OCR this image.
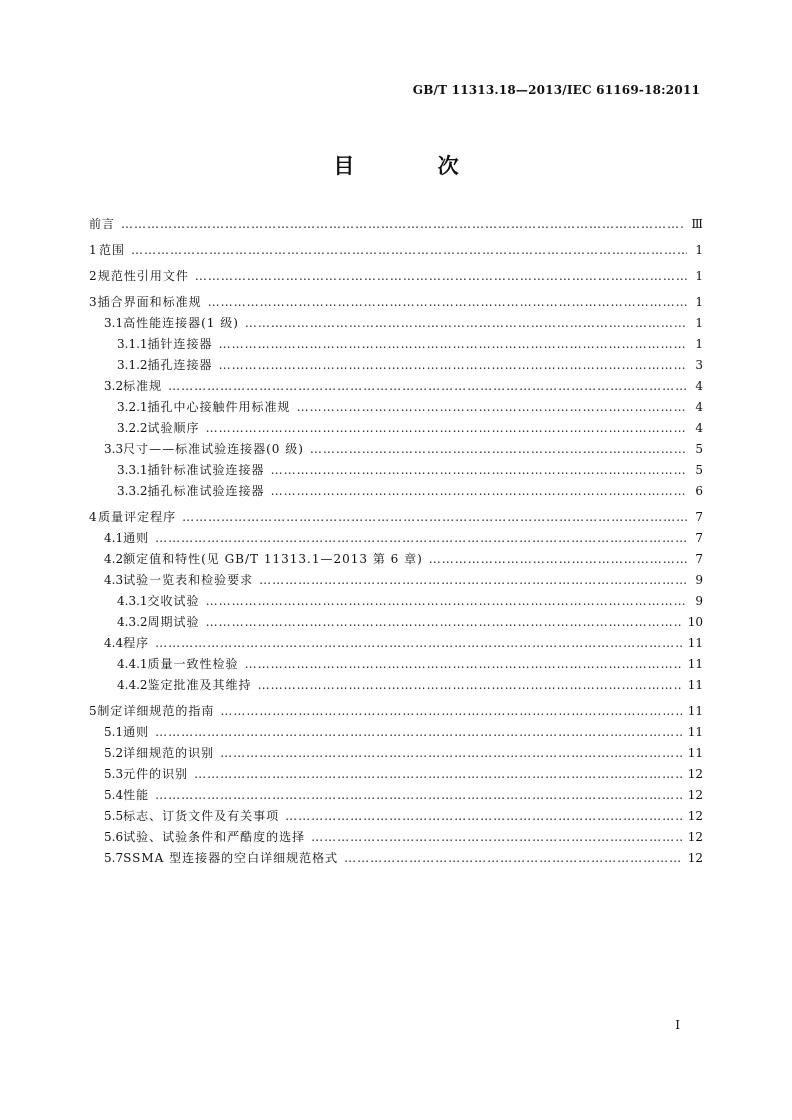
GB/T 11313.18—2013/IEC 61169-18:2011
目 次
前言 …………………………………………………………………………………………………………………………………………………………………………………………………………………………………………………………	Ⅲ
1 范围 …………………………………………………………………………………………………………………………………………………………………………………………………………………………………………………………	1
2 规范性引用文件 …………………………………………………………………………………………………………………………………………………………………………………………………………………………………………………………	1
3 插合界面和标准规 …………………………………………………………………………………………………………………………………………………………………………………………………………………………………………………………	1
3.1 高性能连接器(1 级) …………………………………………………………………………………………………………………………………………………………………………………………………………………………………………………………	1
3.1.1 插针连接器 …………………………………………………………………………………………………………………………………………………………………………………………………………………………………………………………	1
3.1.2 插孔连接器 …………………………………………………………………………………………………………………………………………………………………………………………………………………………………………………………	3
3.2 标准规 …………………………………………………………………………………………………………………………………………………………………………………………………………………………………………………………	4
3.2.1 插孔中心接触件用标准规 …………………………………………………………………………………………………………………………………………………………………………………………………………………………………………………………	4
3.2.2 试验顺序 …………………………………………………………………………………………………………………………………………………………………………………………………………………………………………………………	4
3.3 尺寸——标准试验连接器(0 级) …………………………………………………………………………………………………………………………………………………………………………………………………………………………………………………………	5
3.3.1 插针标准试验连接器 …………………………………………………………………………………………………………………………………………………………………………………………………………………………………………………………	5
3.3.2 插孔标准试验连接器 …………………………………………………………………………………………………………………………………………………………………………………………………………………………………………………………	6
4 质量评定程序 …………………………………………………………………………………………………………………………………………………………………………………………………………………………………………………………	7
4.1 通则 …………………………………………………………………………………………………………………………………………………………………………………………………………………………………………………………	7
4.2 额定值和特性(见 GB/T 11313.1—2013 第 6 章) …………………………………………………………………………………………………………………………………………………………………………………………………………………………………………………………	7
4.3 试验一览表和检验要求 …………………………………………………………………………………………………………………………………………………………………………………………………………………………………………………………	9
4.3.1 交收试验 …………………………………………………………………………………………………………………………………………………………………………………………………………………………………………………………	9
4.3.2 周期试验 …………………………………………………………………………………………………………………………………………………………………………………………………………………………………………………………	10
4.4 程序 …………………………………………………………………………………………………………………………………………………………………………………………………………………………………………………………	11
4.4.1 质量一致性检验 …………………………………………………………………………………………………………………………………………………………………………………………………………………………………………………………	11
4.4.2 鉴定批准及其维持 …………………………………………………………………………………………………………………………………………………………………………………………………………………………………………………………	11
5 制定详细规范的指南 …………………………………………………………………………………………………………………………………………………………………………………………………………………………………………………………	11
5.1 通则 …………………………………………………………………………………………………………………………………………………………………………………………………………………………………………………………	11
5.2 详细规范的识别 …………………………………………………………………………………………………………………………………………………………………………………………………………………………………………………………	11
5.3 元件的识别 …………………………………………………………………………………………………………………………………………………………………………………………………………………………………………………………	12
5.4 性能 …………………………………………………………………………………………………………………………………………………………………………………………………………………………………………………………	12
5.5 标志、订货文件及有关事项 …………………………………………………………………………………………………………………………………………………………………………………………………………………………………………………………	12
5.6 试验、试验条件和严酷度的选择 …………………………………………………………………………………………………………………………………………………………………………………………………………………………………………………………	12
5.7 SSMA 型连接器的空白详细规范格式 …………………………………………………………………………………………………………………………………………………………………………………………………………………………………………………………	12
I
